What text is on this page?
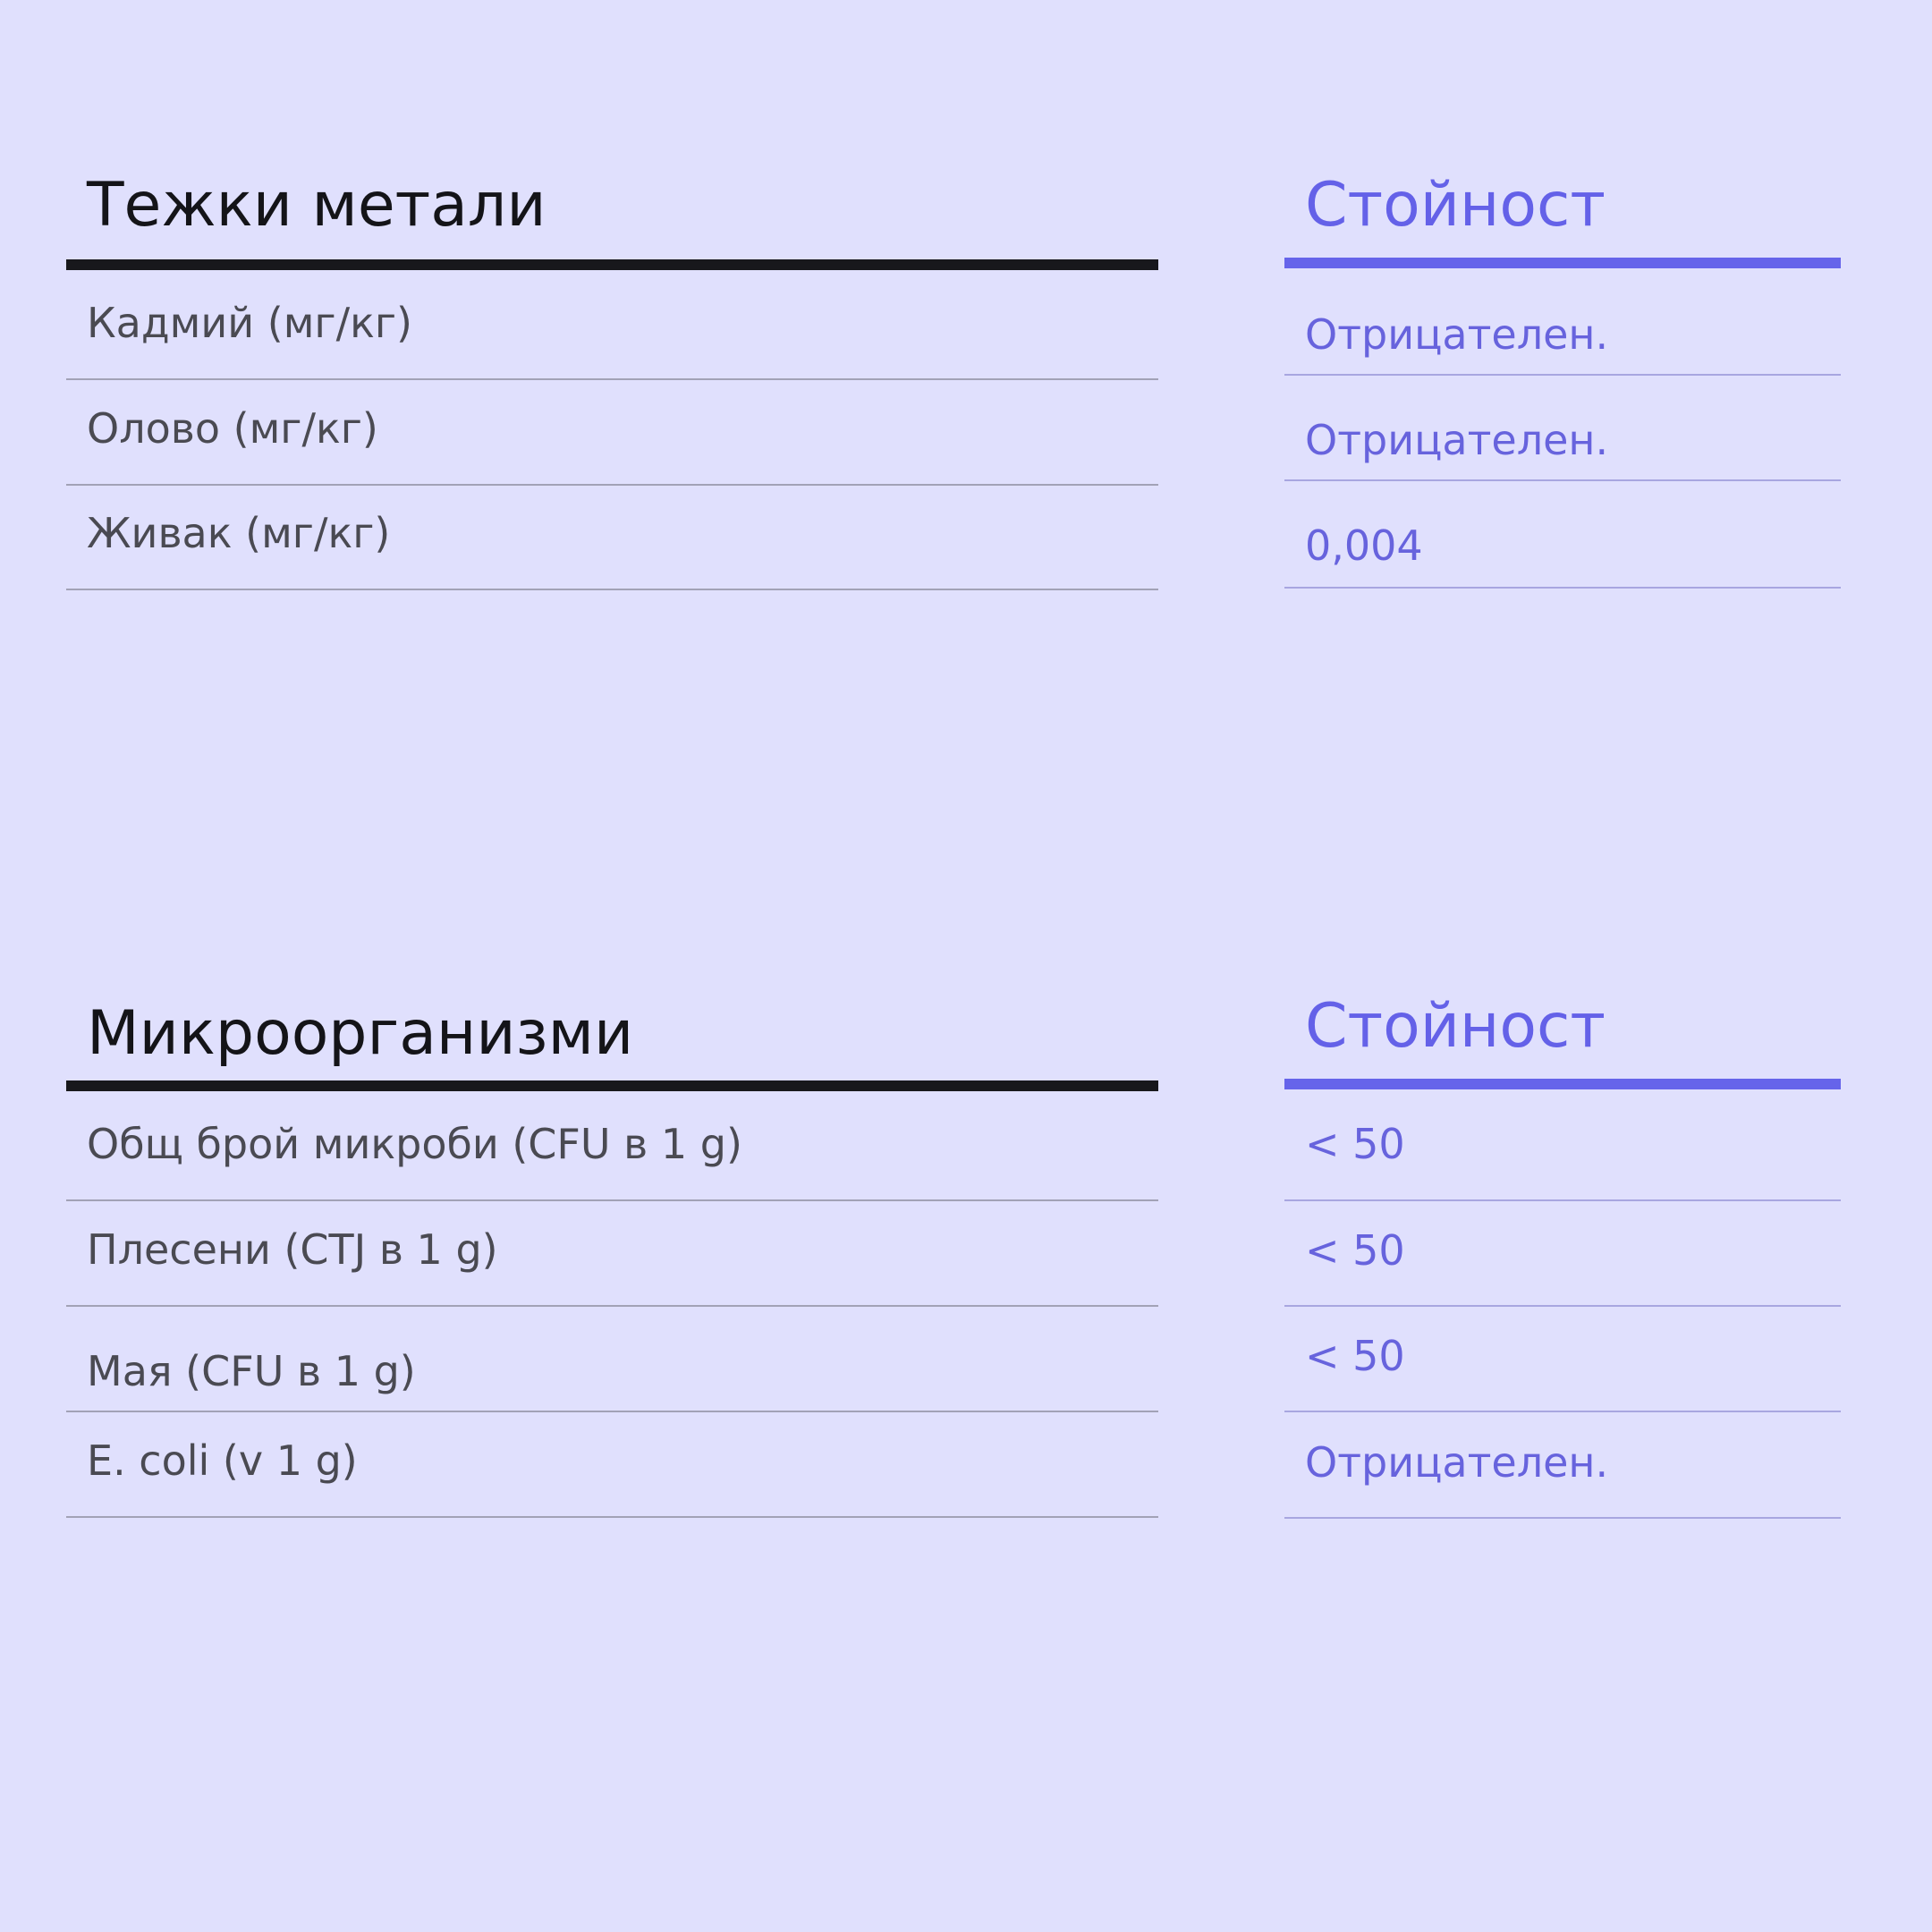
Тежки метали
Кадмий (мг/кг)
Олово (мг/кг)
Живак (мг/кг)
Стойност
Отрицателен.
Отрицателен.
0,004
Микроорганизми
Общ брой микроби (CFU в 1 g)
Плесени (CTJ в 1 g)
Мая (CFU в 1 g)
E. coli (v 1 g)
Стойност
< 50
< 50
< 50
Отрицателен.
